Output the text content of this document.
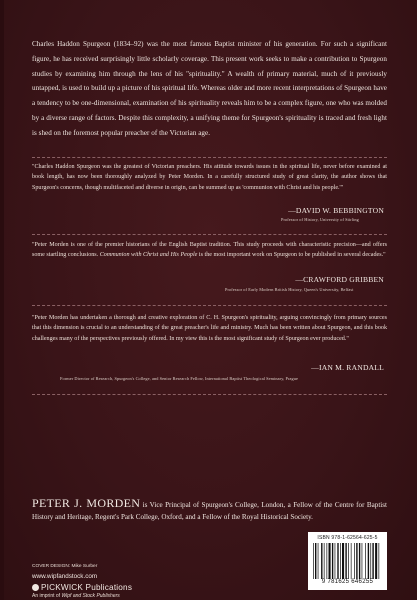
Charles Haddon Spurgeon (1834–92) was the most famous Baptist minister of his generation. For such a significant figure, he has received surprisingly little scholarly coverage. This present work seeks to make a contribution to Spurgeon studies by examining him through the lens of his "spirituality." A wealth of primary material, much of it previously untapped, is used to build up a picture of his spiritual life. Whereas older and more recent interpretations of Spurgeon have a tendency to be one-dimensional, examination of his spirituality reveals him to be a complex figure, one who was molded by a diverse range of factors. Despite this complexity, a unifying theme for Spurgeon's spirituality is traced and fresh light is shed on the foremost popular preacher of the Victorian age.

"Charles Haddon Spurgeon was the greatest of Victorian preachers. His attitude towards issues in the spiritual life, never before examined at book length, has now been thoroughly analyzed by Peter Morden. In a carefully structured study of great clarity, the author shows that Spurgeon's concerns, though multifaceted and diverse in origin, can be summed up as 'communion with Christ and his people.'"

—DAVID W. BEBBINGTON
Professor of History, University of Stirling

"Peter Morden is one of the premier historians of the English Baptist tradition. This study proceeds with characteristic precision—and offers some startling conclusions. Communion with Christ and His People is the most important work on Spurgeon to be published in several decades."

—CRAWFORD GRIBBEN
Professor of Early Modern British History, Queen's University, Belfast

"Peter Morden has undertaken a thorough and creative exploration of C. H. Spurgeon's spirituality, arguing convincingly from primary sources that this dimension is crucial to an understanding of the great preacher's life and ministry. Much has been written about Spurgeon, and this book challenges many of the perspectives previously offered. In my view this is the most significant study of Spurgeon ever produced."

—IAN M. RANDALL
Former Director of Research, Spurgeon's College, and Senior Research Fellow, International Baptist Theological Seminary, Prague

PETER J. MORDEN is Vice Principal of Spurgeon's College, London, a Fellow of the Centre for Baptist History and Heritage, Regent's Park College, Oxford, and a Fellow of the Royal Historical Society.

COVER DESIGN: Mike Surber
www.wipfandstock.com
PICKWICK Publications
An imprint of Wipf and Stock Publishers
ISBN 978-1-62564-625-5
9 781625 646255
